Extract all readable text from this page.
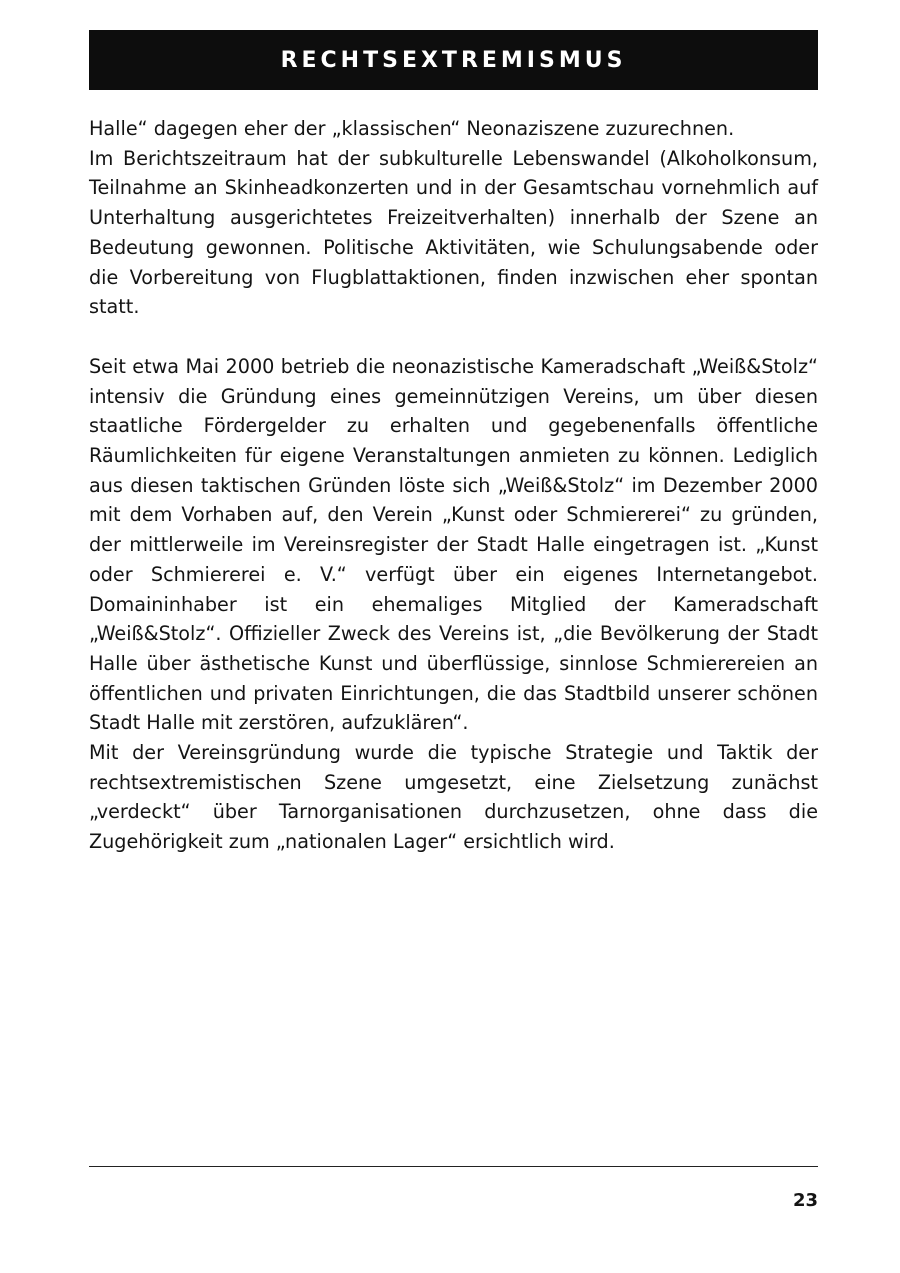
RECHTSEXTREMISMUS

Halle“ dagegen eher der „klassischen“ Neonaziszene zuzurechnen.

Im Berichtszeitraum hat der subkulturelle Lebenswandel (Alkoholkonsum, Teilnahme an Skinheadkonzerten und in der Gesamtschau vornehmlich auf Unterhaltung ausgerichtetes Freizeitverhalten) innerhalb der Szene an Bedeutung gewonnen. Politische Aktivitäten, wie Schulungsabende oder die Vorbereitung von Flugblattaktionen, finden inzwischen eher spontan statt.

Seit etwa Mai 2000 betrieb die neonazistische Kameradschaft „Weiß&Stolz“ intensiv die Gründung eines gemeinnützigen Vereins, um über diesen staatliche Fördergelder zu erhalten und gegebenenfalls öffentliche Räumlichkeiten für eigene Veranstaltungen anmieten zu können. Lediglich aus diesen taktischen Gründen löste sich „Weiß&Stolz“ im Dezember 2000 mit dem Vorhaben auf, den Verein „Kunst oder Schmiererei“ zu gründen, der mittlerweile im Vereinsregister der Stadt Halle eingetragen ist. „Kunst oder Schmiererei e. V.“ verfügt über ein eigenes Internetangebot. Domaininhaber ist ein ehemaliges Mitglied der Kameradschaft „Weiß&Stolz“. Offizieller Zweck des Vereins ist, „die Bevölkerung der Stadt Halle über ästhetische Kunst und überflüssige, sinnlose Schmierereien an öffentlichen und privaten Einrichtungen, die das Stadtbild unserer schönen Stadt Halle mit zerstören, aufzuklären“.

Mit der Vereinsgründung wurde die typische Strategie und Taktik der rechtsextremistischen Szene umgesetzt, eine Zielsetzung zunächst „verdeckt“ über Tarnorganisationen durchzusetzen, ohne dass die Zugehörigkeit zum „nationalen Lager“ ersichtlich wird.

23
